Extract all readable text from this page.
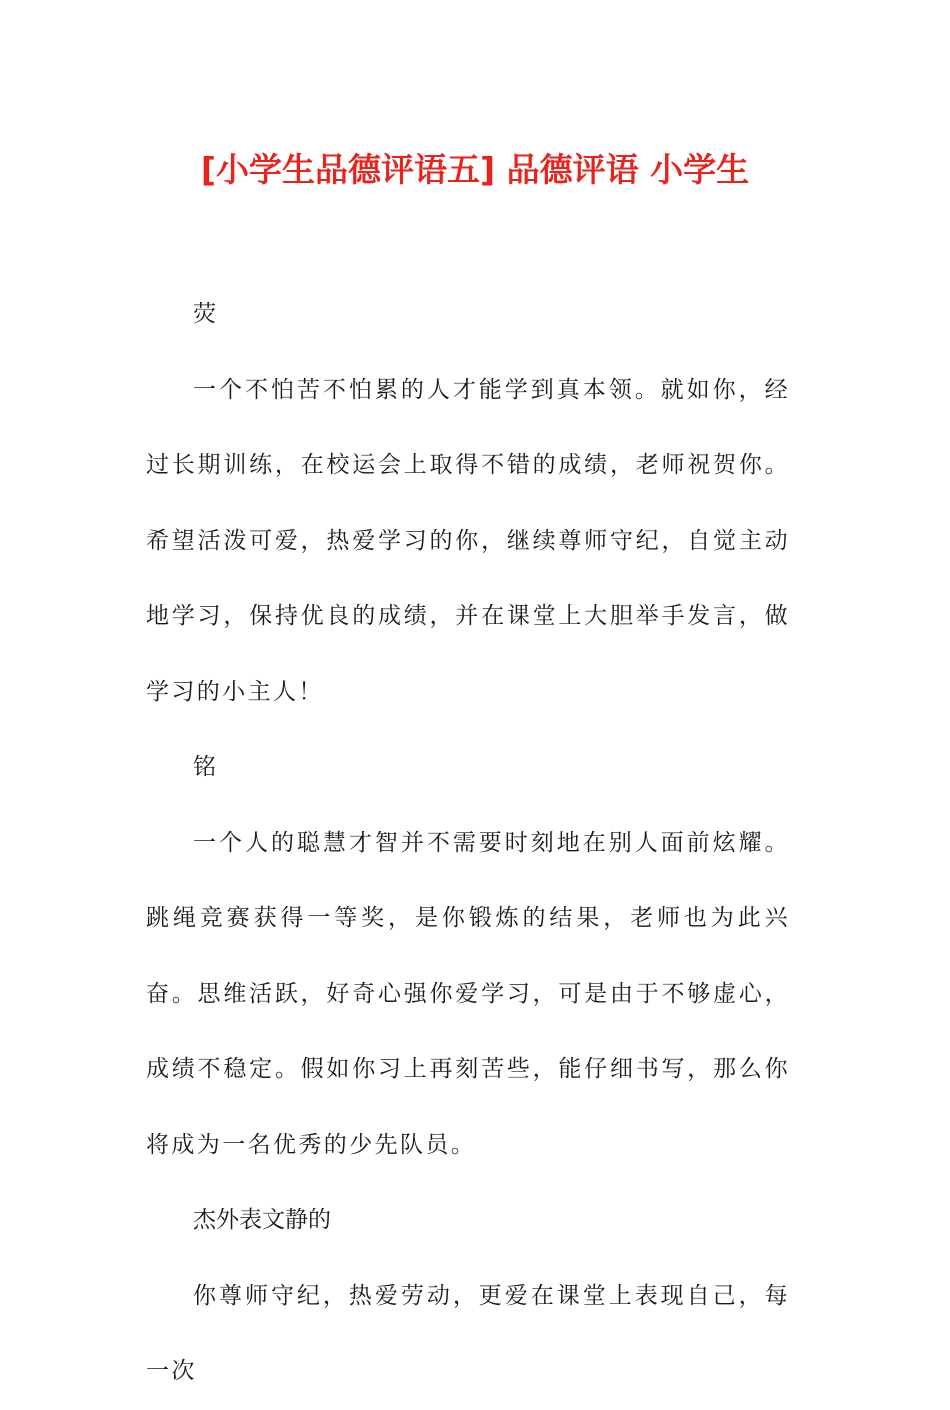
[小学生品德评语五] 品德评语 小学生

荧

一个不怕苦不怕累的人才能学到真本领。就如你，经过长期训练，在校运会上取得不错的成绩，老师祝贺你。希望活泼可爱，热爱学习的你，继续尊师守纪，自觉主动地学习，保持优良的成绩，并在课堂上大胆举手发言，做学习的小主人！

铭

一个人的聪慧才智并不需要时刻地在别人面前炫耀。跳绳竞赛获得一等奖，是你锻炼的结果，老师也为此兴奋。思维活跃，好奇心强你爱学习，可是由于不够虚心，成绩不稳定。假如你习上再刻苦些，能仔细书写，那么你将成为一名优秀的少先队员。

杰外表文静的

你尊师守纪，热爱劳动，更爱在课堂上表现自己，每一次
